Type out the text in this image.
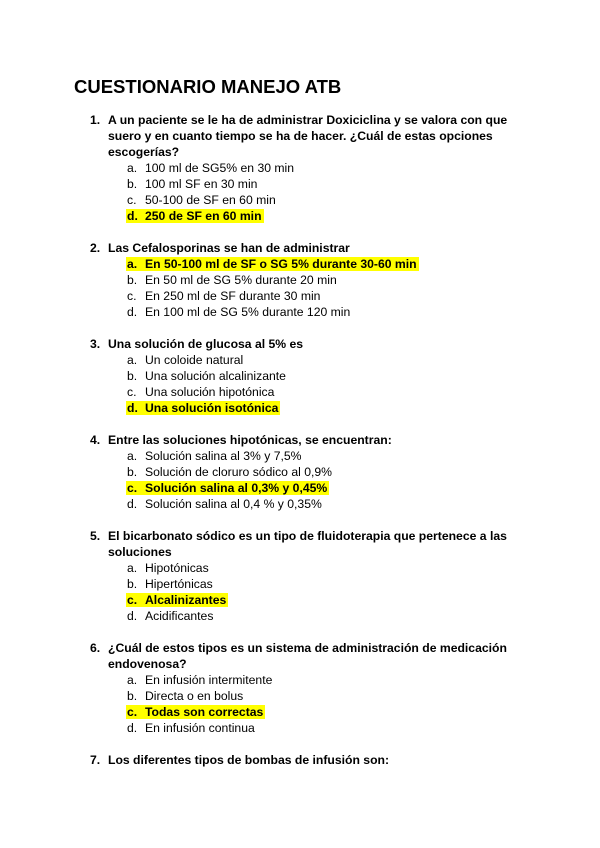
CUESTIONARIO MANEJO ATB
1. A un paciente se le ha de administrar Doxiciclina y se valora con que
suero y en cuanto tiempo se ha de hacer. ¿Cuál de estas opciones
escogerías?
a. 100 ml de SG5% en 30 min
b. 100 ml SF en 30 min
c. 50-100 de SF en 60 min
d. 250 de SF en 60 min
2. Las Cefalosporinas se han de administrar
a. En 50-100 ml de SF o SG 5% durante 30-60 min
b. En 50 ml de SG 5% durante 20 min
c. En 250 ml de SF durante 30 min
d. En 100 ml de SG 5% durante 120 min
3. Una solución de glucosa al 5% es
a. Un coloide natural
b. Una solución alcalinizante
c. Una solución hipotónica
d. Una solución isotónica
4. Entre las soluciones hipotónicas, se encuentran:
a. Solución salina al 3% y 7,5%
b. Solución de cloruro sódico al 0,9%
c. Solución salina al 0,3% y 0,45%
d. Solución salina al 0,4 % y 0,35%
5. El bicarbonato sódico es un tipo de fluidoterapia que pertenece a las
soluciones
a. Hipotónicas
b. Hipertónicas
c. Alcalinizantes
d. Acidificantes
6. ¿Cuál de estos tipos es un sistema de administración de medicación
endovenosa?
a. En infusión intermitente
b. Directa o en bolus
c. Todas son correctas
d. En infusión continua
7. Los diferentes tipos de bombas de infusión son:
